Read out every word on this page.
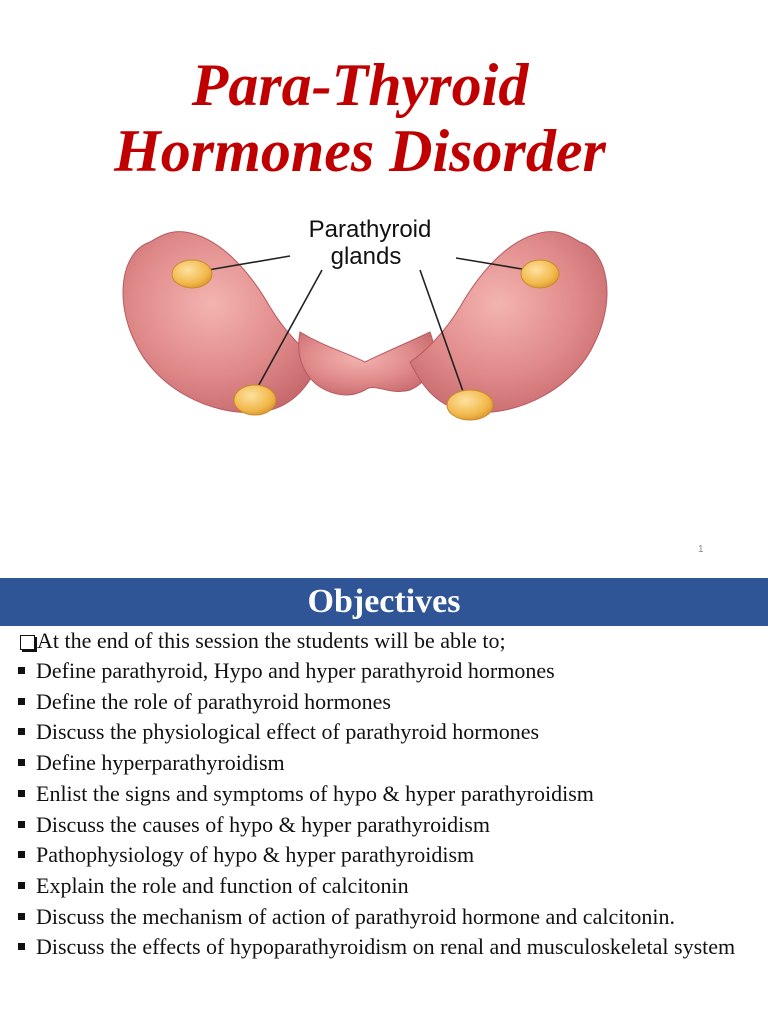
Para-Thyroid
Hormones Disorder
Parathyroid
glands
1
Objectives
At the end of this session the students will be able to;
Define parathyroid, Hypo and hyper parathyroid hormones
Define the role of parathyroid hormones
Discuss the physiological effect of parathyroid hormones
Define hyperparathyroidism
Enlist the signs and symptoms of hypo & hyper parathyroidism
Discuss the causes of hypo & hyper parathyroidism
Pathophysiology of hypo & hyper parathyroidism
Explain the role and function of calcitonin
Discuss the mechanism of action of parathyroid hormone and calcitonin.
Discuss the effects of hypoparathyroidism on renal and musculoskeletal system
